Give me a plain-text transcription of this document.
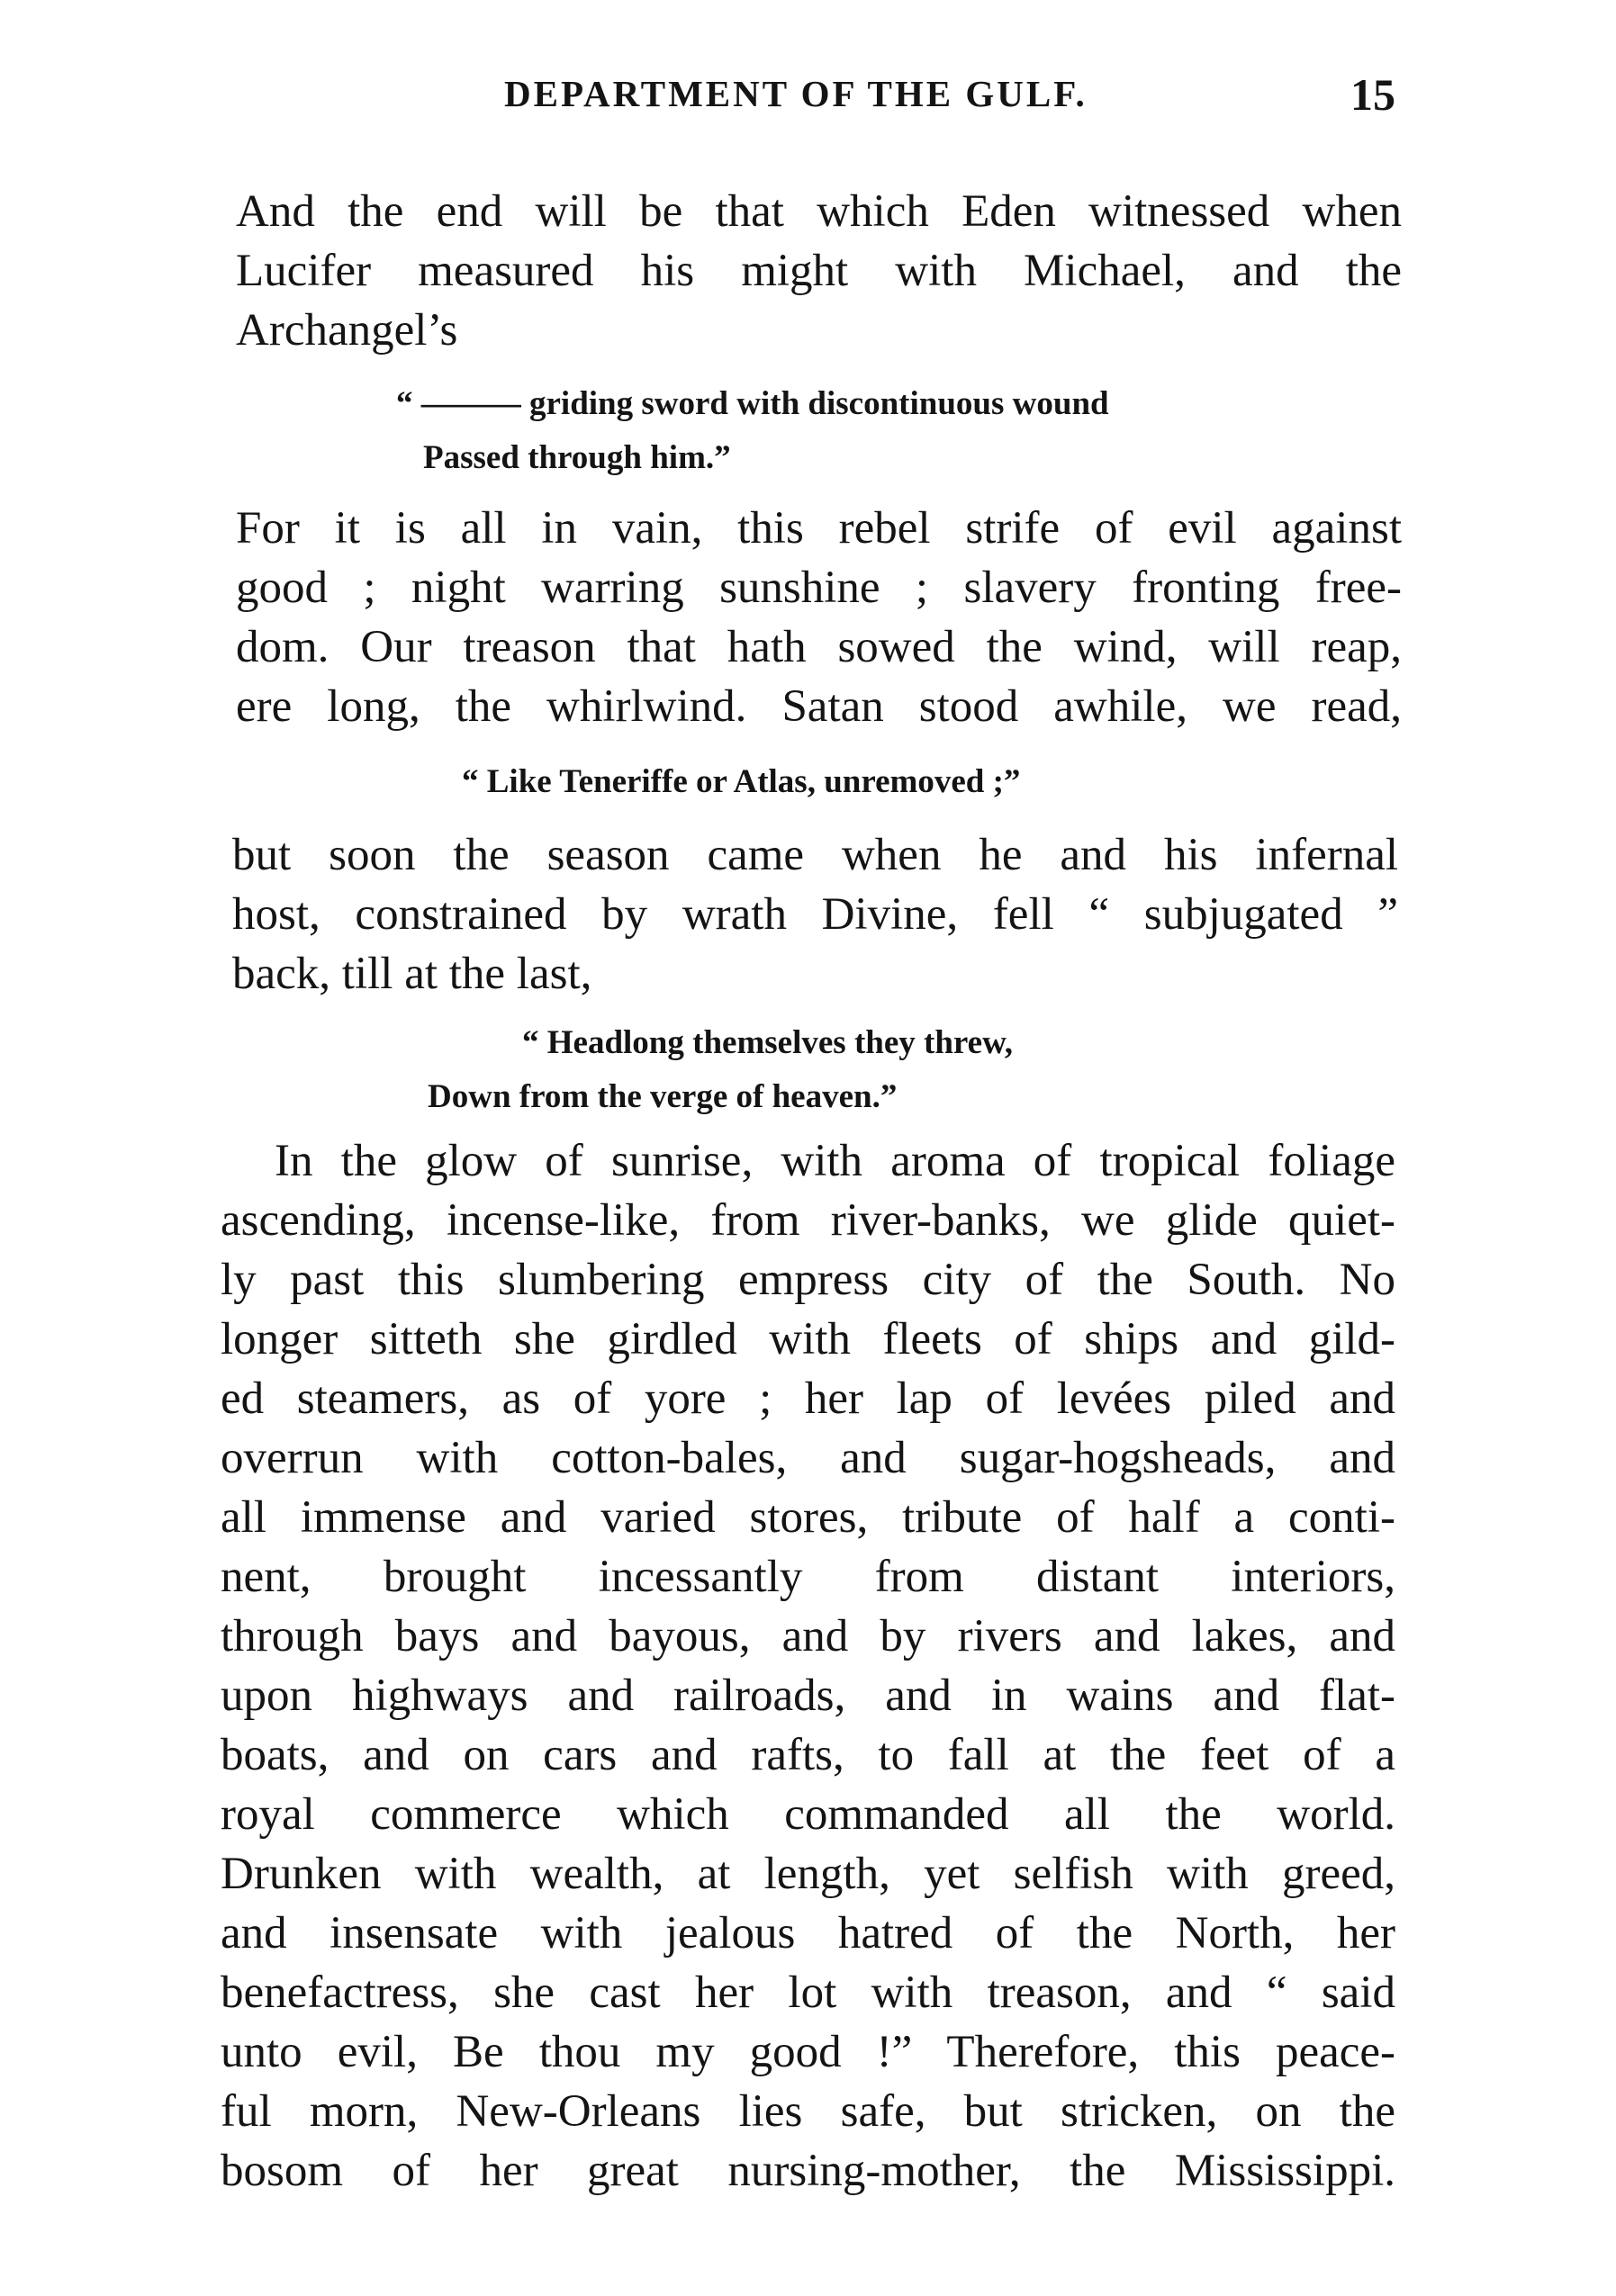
DEPARTMENT OF THE GULF.	15
And the end will be that which Eden witnessed when
Lucifer measured his might with Michael, and the
Archangel’s
“ ——— griding sword with discontinuous wound
Passed through him.”
For it is all in vain, this rebel strife of evil against
good ; night warring sunshine ; slavery fronting free-
dom. Our treason that hath sowed the wind, will reap,
ere long, the whirlwind. Satan stood awhile, we read,
“ Like Teneriffe or Atlas, unremoved ;”
but soon the season came when he and his infernal
host, constrained by wrath Divine, fell “ subjugated ”
back, till at the last,
“ Headlong themselves they threw,
Down from the verge of heaven.”
In the glow of sunrise, with aroma of tropical foliage
ascending, incense-like, from river-banks, we glide quiet-
ly past this slumbering empress city of the South. No
longer sitteth she girdled with fleets of ships and gild-
ed steamers, as of yore ; her lap of levées piled and
overrun with cotton-bales, and sugar-hogsheads, and
all immense and varied stores, tribute of half a conti-
nent, brought incessantly from distant interiors,
through bays and bayous, and by rivers and lakes, and
upon highways and railroads, and in wains and flat-
boats, and on cars and rafts, to fall at the feet of a
royal commerce which commanded all the world.
Drunken with wealth, at length, yet selfish with greed,
and insensate with jealous hatred of the North, her
benefactress, she cast her lot with treason, and “ said
unto evil, Be thou my good !” Therefore, this peace-
ful morn, New-Orleans lies safe, but stricken, on the
bosom of her great nursing-mother, the Mississippi.
